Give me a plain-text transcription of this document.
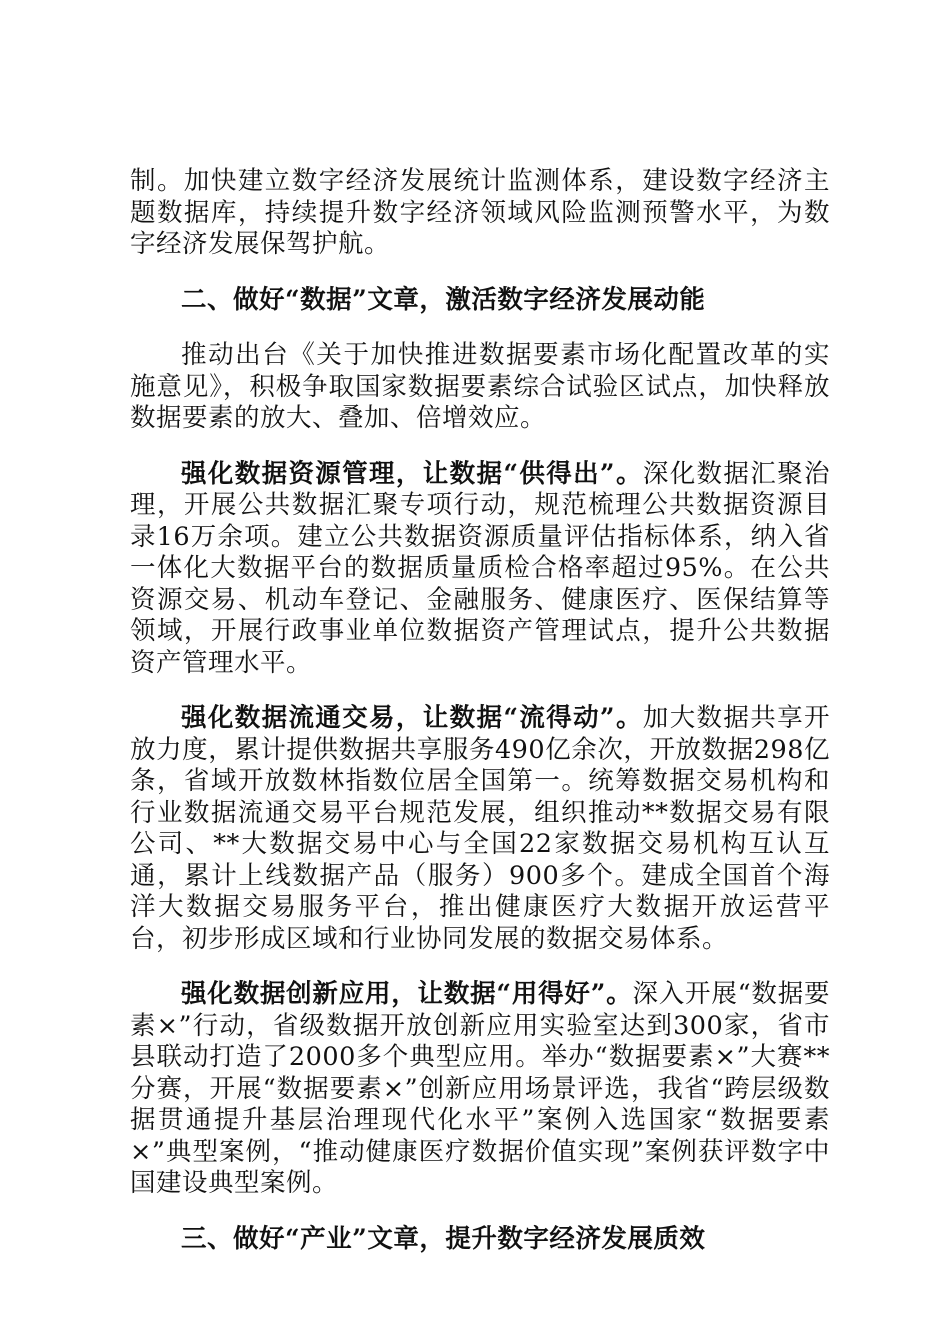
制。加快建立数字经济发展统计监测体系，建设数字经济主题数据库，持续提升数字经济领域风险监测预警水平，为数字经济发展保驾护航。

二、做好“数据”文章，激活数字经济发展动能

推动出台《关于加快推进数据要素市场化配置改革的实施意见》，积极争取国家数据要素综合试验区试点，加快释放数据要素的放大、叠加、倍增效应。

强化数据资源管理，让数据“供得出”。深化数据汇聚治理，开展公共数据汇聚专项行动，规范梳理公共数据资源目录16万余项。建立公共数据资源质量评估指标体系，纳入省一体化大数据平台的数据质量质检合格率超过95%。在公共资源交易、机动车登记、金融服务、健康医疗、医保结算等领域，开展行政事业单位数据资产管理试点，提升公共数据资产管理水平。

强化数据流通交易，让数据“流得动”。加大数据共享开放力度，累计提供数据共享服务490亿余次，开放数据298亿条，省域开放数林指数位居全国第一。统筹数据交易机构和行业数据流通交易平台规范发展，组织推动**数据交易有限公司、**大数据交易中心与全国22家数据交易机构互认互通，累计上线数据产品（服务）900多个。建成全国首个海洋大数据交易服务平台，推出健康医疗大数据开放运营平台，初步形成区域和行业协同发展的数据交易体系。

强化数据创新应用，让数据“用得好”。深入开展“数据要素×”行动，省级数据开放创新应用实验室达到300家，省市县联动打造了2000多个典型应用。举办“数据要素×”大赛**分赛，开展“数据要素×”创新应用场景评选，我省“跨层级数据贯通提升基层治理现代化水平”案例入选国家“数据要素×”典型案例，“推动健康医疗数据价值实现”案例获评数字中国建设典型案例。

三、做好“产业”文章，提升数字经济发展质效
